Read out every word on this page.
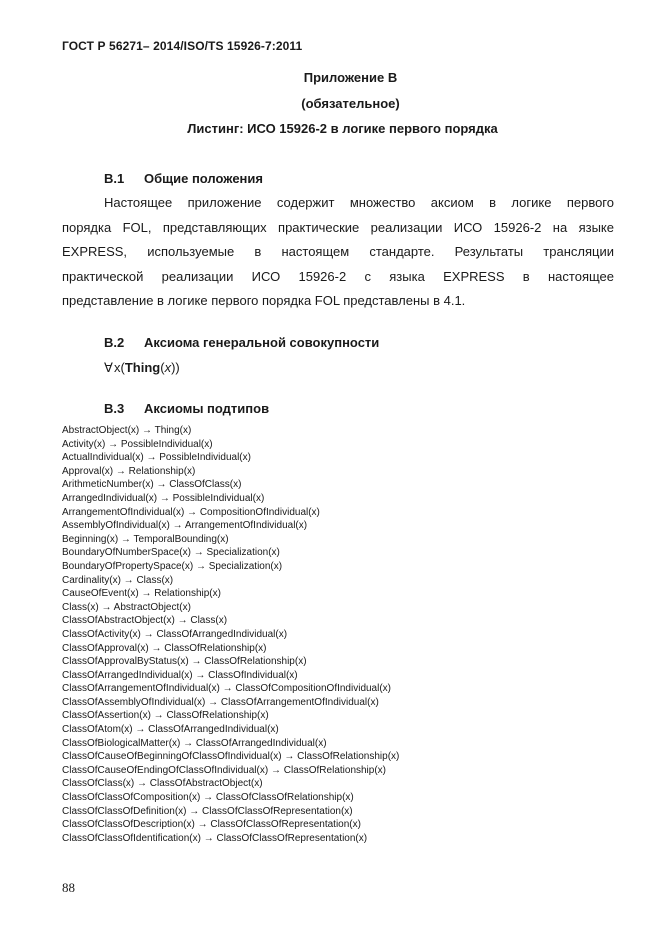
ГОСТ Р 56271– 2014/ISO/TS 15926-7:2011
Приложение В
(обязательное)
Листинг: ИСО 15926-2 в логике первого порядка
В.1 Общие положения
Настоящее приложение содержит множество аксиом в логике первого
порядка FOL, представляющих практические реализации ИСО 15926-2 на языке
EXPRESS, используемые в настоящем стандарте. Результаты трансляции
практической реализации ИСО 15926-2 с языка EXPRESS в настоящее
представление в логике первого порядка FOL представлены в 4.1.
В.2 Аксиома генеральной совокупности
∀ x(Thing(x))
В.3 Аксиомы подтипов
AbstractObject(x) → Thing(x)
Activity(x) → PossibleIndividual(x)
ActualIndividual(x) → PossibleIndividual(x)
Approval(x) → Relationship(x)
ArithmeticNumber(x) → ClassOfClass(x)
ArrangedIndividual(x) → PossibleIndividual(x)
ArrangementOfIndividual(x) → CompositionOfIndividual(x)
AssemblyOfIndividual(x) → ArrangementOfIndividual(x)
Beginning(x) → TemporalBounding(x)
BoundaryOfNumberSpace(x) → Specialization(x)
BoundaryOfPropertySpace(x) → Specialization(x)
Cardinality(x) → Class(x)
CauseOfEvent(x) → Relationship(x)
Class(x) → AbstractObject(x)
ClassOfAbstractObject(x) → Class(x)
ClassOfActivity(x) → ClassOfArrangedIndividual(x)
ClassOfApproval(x) → ClassOfRelationship(x)
ClassOfApprovalByStatus(x) → ClassOfRelationship(x)
ClassOfArrangedIndividual(x) → ClassOfIndividual(x)
ClassOfArrangementOfIndividual(x) → ClassOfCompositionOfIndividual(x)
ClassOfAssemblyOfIndividual(x) → ClassOfArrangementOfIndividual(x)
ClassOfAssertion(x) → ClassOfRelationship(x)
ClassOfAtom(x) → ClassOfArrangedIndividual(x)
ClassOfBiologicalMatter(x) → ClassOfArrangedIndividual(x)
ClassOfCauseOfBeginningOfClassOfIndividual(x) → ClassOfRelationship(x)
ClassOfCauseOfEndingOfClassOfIndividual(x) → ClassOfRelationship(x)
ClassOfClass(x) → ClassOfAbstractObject(x)
ClassOfClassOfComposition(x) → ClassOfClassOfRelationship(x)
ClassOfClassOfDefinition(x) → ClassOfClassOfRepresentation(x)
ClassOfClassOfDescription(x) → ClassOfClassOfRepresentation(x)
ClassOfClassOfIdentification(x) → ClassOfClassOfRepresentation(x)
88
